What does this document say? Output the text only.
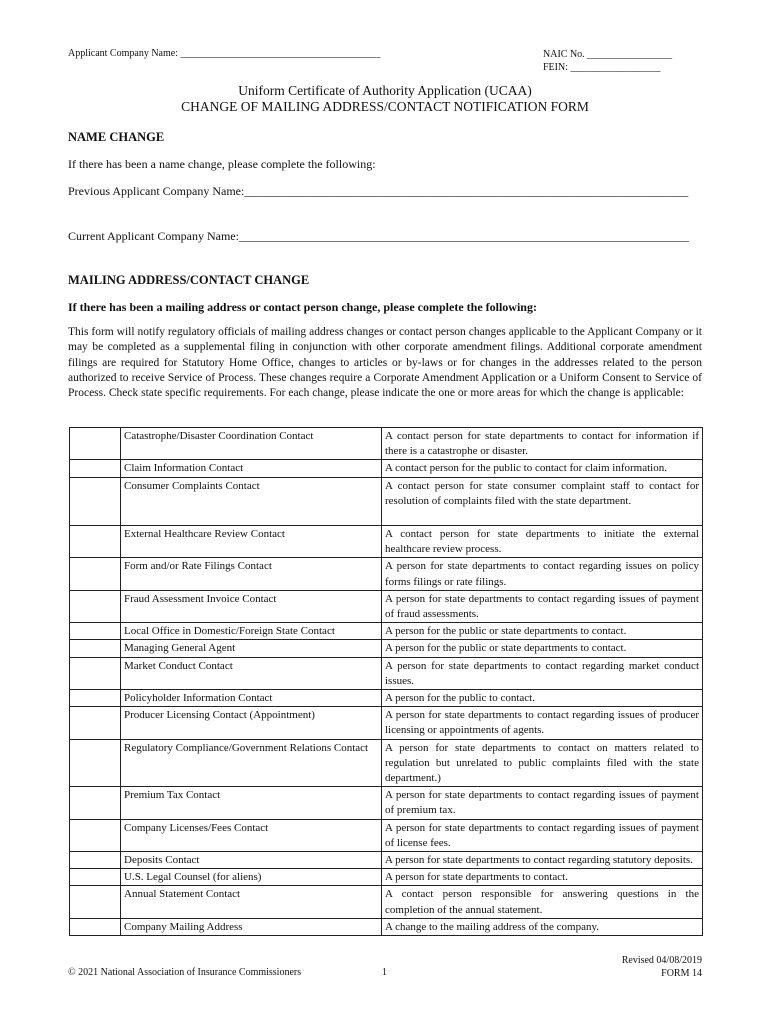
Applicant Company Name: ________________________________________	NAIC No. _________________
FEIN: __________________
Uniform Certificate of Authority Application (UCAA)
CHANGE OF MAILING ADDRESS/CONTACT NOTIFICATION FORM
NAME CHANGE
If there has been a name change, please complete the following:
Previous Applicant Company Name:__________________________________________________________________________
Current Applicant Company Name:___________________________________________________________________________
MAILING ADDRESS/CONTACT CHANGE
If there has been a mailing address or contact person change, please complete the following:
This form will notify regulatory officials of mailing address changes or contact person changes applicable to the Applicant Company or it may be completed as a supplemental filing in conjunction with other corporate amendment filings. Additional corporate amendment filings are required for Statutory Home Office, changes to articles or by-laws or for changes in the addresses related to the person authorized to receive Service of Process. These changes require a Corporate Amendment Application or a Uniform Consent to Service of Process. Check state specific requirements. For each change, please indicate the one or more areas for which the change is applicable:
	Catastrophe/Disaster Coordination Contact	A contact person for state departments to contact for information if there is a catastrophe or disaster.
	Claim Information Contact	A contact person for the public to contact for claim information.
	Consumer Complaints Contact	A contact person for state consumer complaint staff to contact for resolution of complaints filed with the state department.
	External Healthcare Review Contact	A contact person for state departments to initiate the external healthcare review process.
	Form and/or Rate Filings Contact	A person for state departments to contact regarding issues on policy forms filings or rate filings.
	Fraud Assessment Invoice Contact	A person for state departments to contact regarding issues of payment of fraud assessments.
	Local Office in Domestic/Foreign State Contact	A person for the public or state departments to contact.
	Managing General Agent	A person for the public or state departments to contact.
	Market Conduct Contact	A person for state departments to contact regarding market conduct issues.
	Policyholder Information Contact	A person for the public to contact.
	Producer Licensing Contact (Appointment)	A person for state departments to contact regarding issues of producer licensing or appointments of agents.
	Regulatory Compliance/Government Relations Contact	A person for state departments to contact on matters related to regulation but unrelated to public complaints filed with the state department.)
	Premium Tax Contact	A person for state departments to contact regarding issues of payment of premium tax.
	Company Licenses/Fees Contact	A person for state departments to contact regarding issues of payment of license fees.
	Deposits Contact	A person for state departments to contact regarding statutory deposits.
	U.S. Legal Counsel (for aliens)	A person for state departments to contact.
	Annual Statement Contact	A contact person responsible for answering questions in the completion of the annual statement.
	Company Mailing Address	A change to the mailing address of the company.
© 2021 National Association of Insurance Commissioners	1
Revised 04/08/2019
FORM 14
